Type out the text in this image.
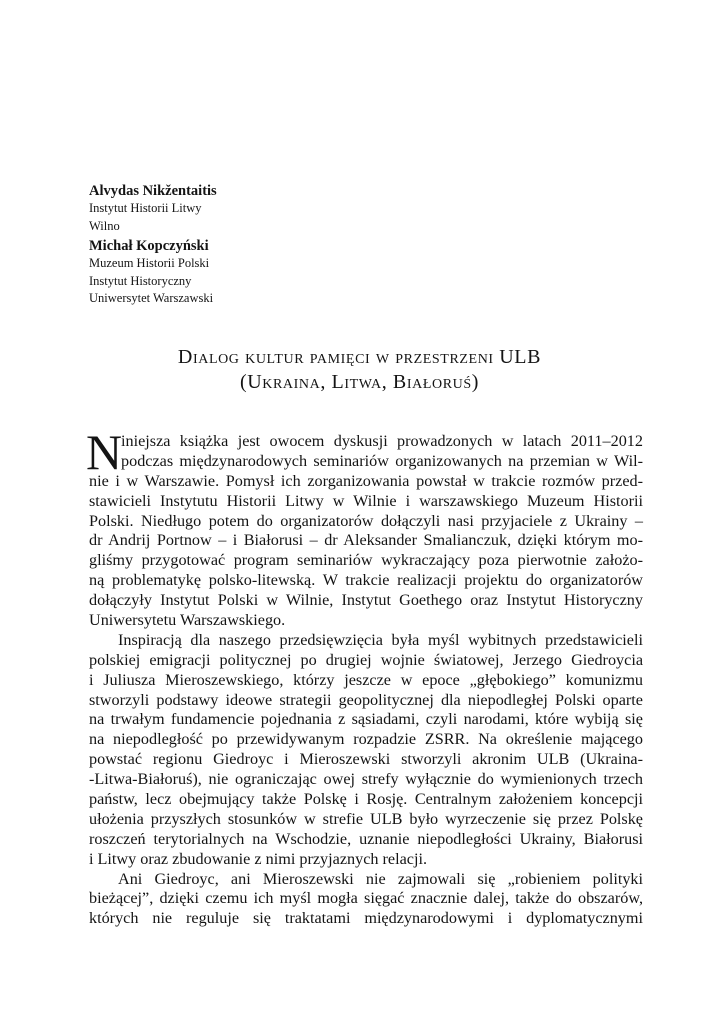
Alvydas Nikžentaitis
Instytut Historii Litwy
Wilno
Michał Kopczyński
Muzeum Historii Polski
Instytut Historyczny
Uniwersytet Warszawski
Dialog kultur pamięci w przestrzeni ULB
(Ukraina, Litwa, Białoruś)
N
iniejsza książka jest owocem dyskusji prowadzonych w latach 2011–2012
podczas międzynarodowych seminariów organizowanych na przemian w Wil-
nie i w Warszawie. Pomysł ich zorganizowania powstał w trakcie rozmów przed-
stawicieli Instytutu Historii Litwy w Wilnie i warszawskiego Muzeum Historii
Polski. Niedługo potem do organizatorów dołączyli nasi przyjaciele z Ukrainy –
dr Andrij Portnow – i Białorusi – dr Aleksander Smalianczuk, dzięki którym mo-
gliśmy przygotować program seminariów wykraczający poza pierwotnie założo-
ną problematykę polsko-litewską. W trakcie realizacji projektu do organizatorów
dołączyły Instytut Polski w Wilnie, Instytut Goethego oraz Instytut Historyczny
Uniwersytetu Warszawskiego.
Inspiracją dla naszego przedsięwzięcia była myśl wybitnych przedstawicieli
polskiej emigracji politycznej po drugiej wojnie światowej, Jerzego Giedroycia
i Juliusza Mieroszewskiego, którzy jeszcze w epoce „głębokiego” komunizmu
stworzyli podstawy ideowe strategii geopolitycznej dla niepodległej Polski oparte
na trwałym fundamencie pojednania z sąsiadami, czyli narodami, które wybiją się
na niepodległość po przewidywanym rozpadzie ZSRR. Na określenie mającego
powstać regionu Giedroyc i Mieroszewski stworzyli akronim ULB (Ukraina-
-Litwa-Białoruś), nie ograniczając owej strefy wyłącznie do wymienionych trzech
państw, lecz obejmujący także Polskę i Rosję. Centralnym założeniem koncepcji
ułożenia przyszłych stosunków w strefie ULB było wyrzeczenie się przez Polskę
roszczeń terytorialnych na Wschodzie, uznanie niepodległości Ukrainy, Białorusi
i Litwy oraz zbudowanie z nimi przyjaznych relacji.
Ani Giedroyc, ani Mieroszewski nie zajmowali się „robieniem polityki
bieżącej”, dzięki czemu ich myśl mogła sięgać znacznie dalej, także do obszarów,
których nie reguluje się traktatami międzynarodowymi i dyplomatycznymi
